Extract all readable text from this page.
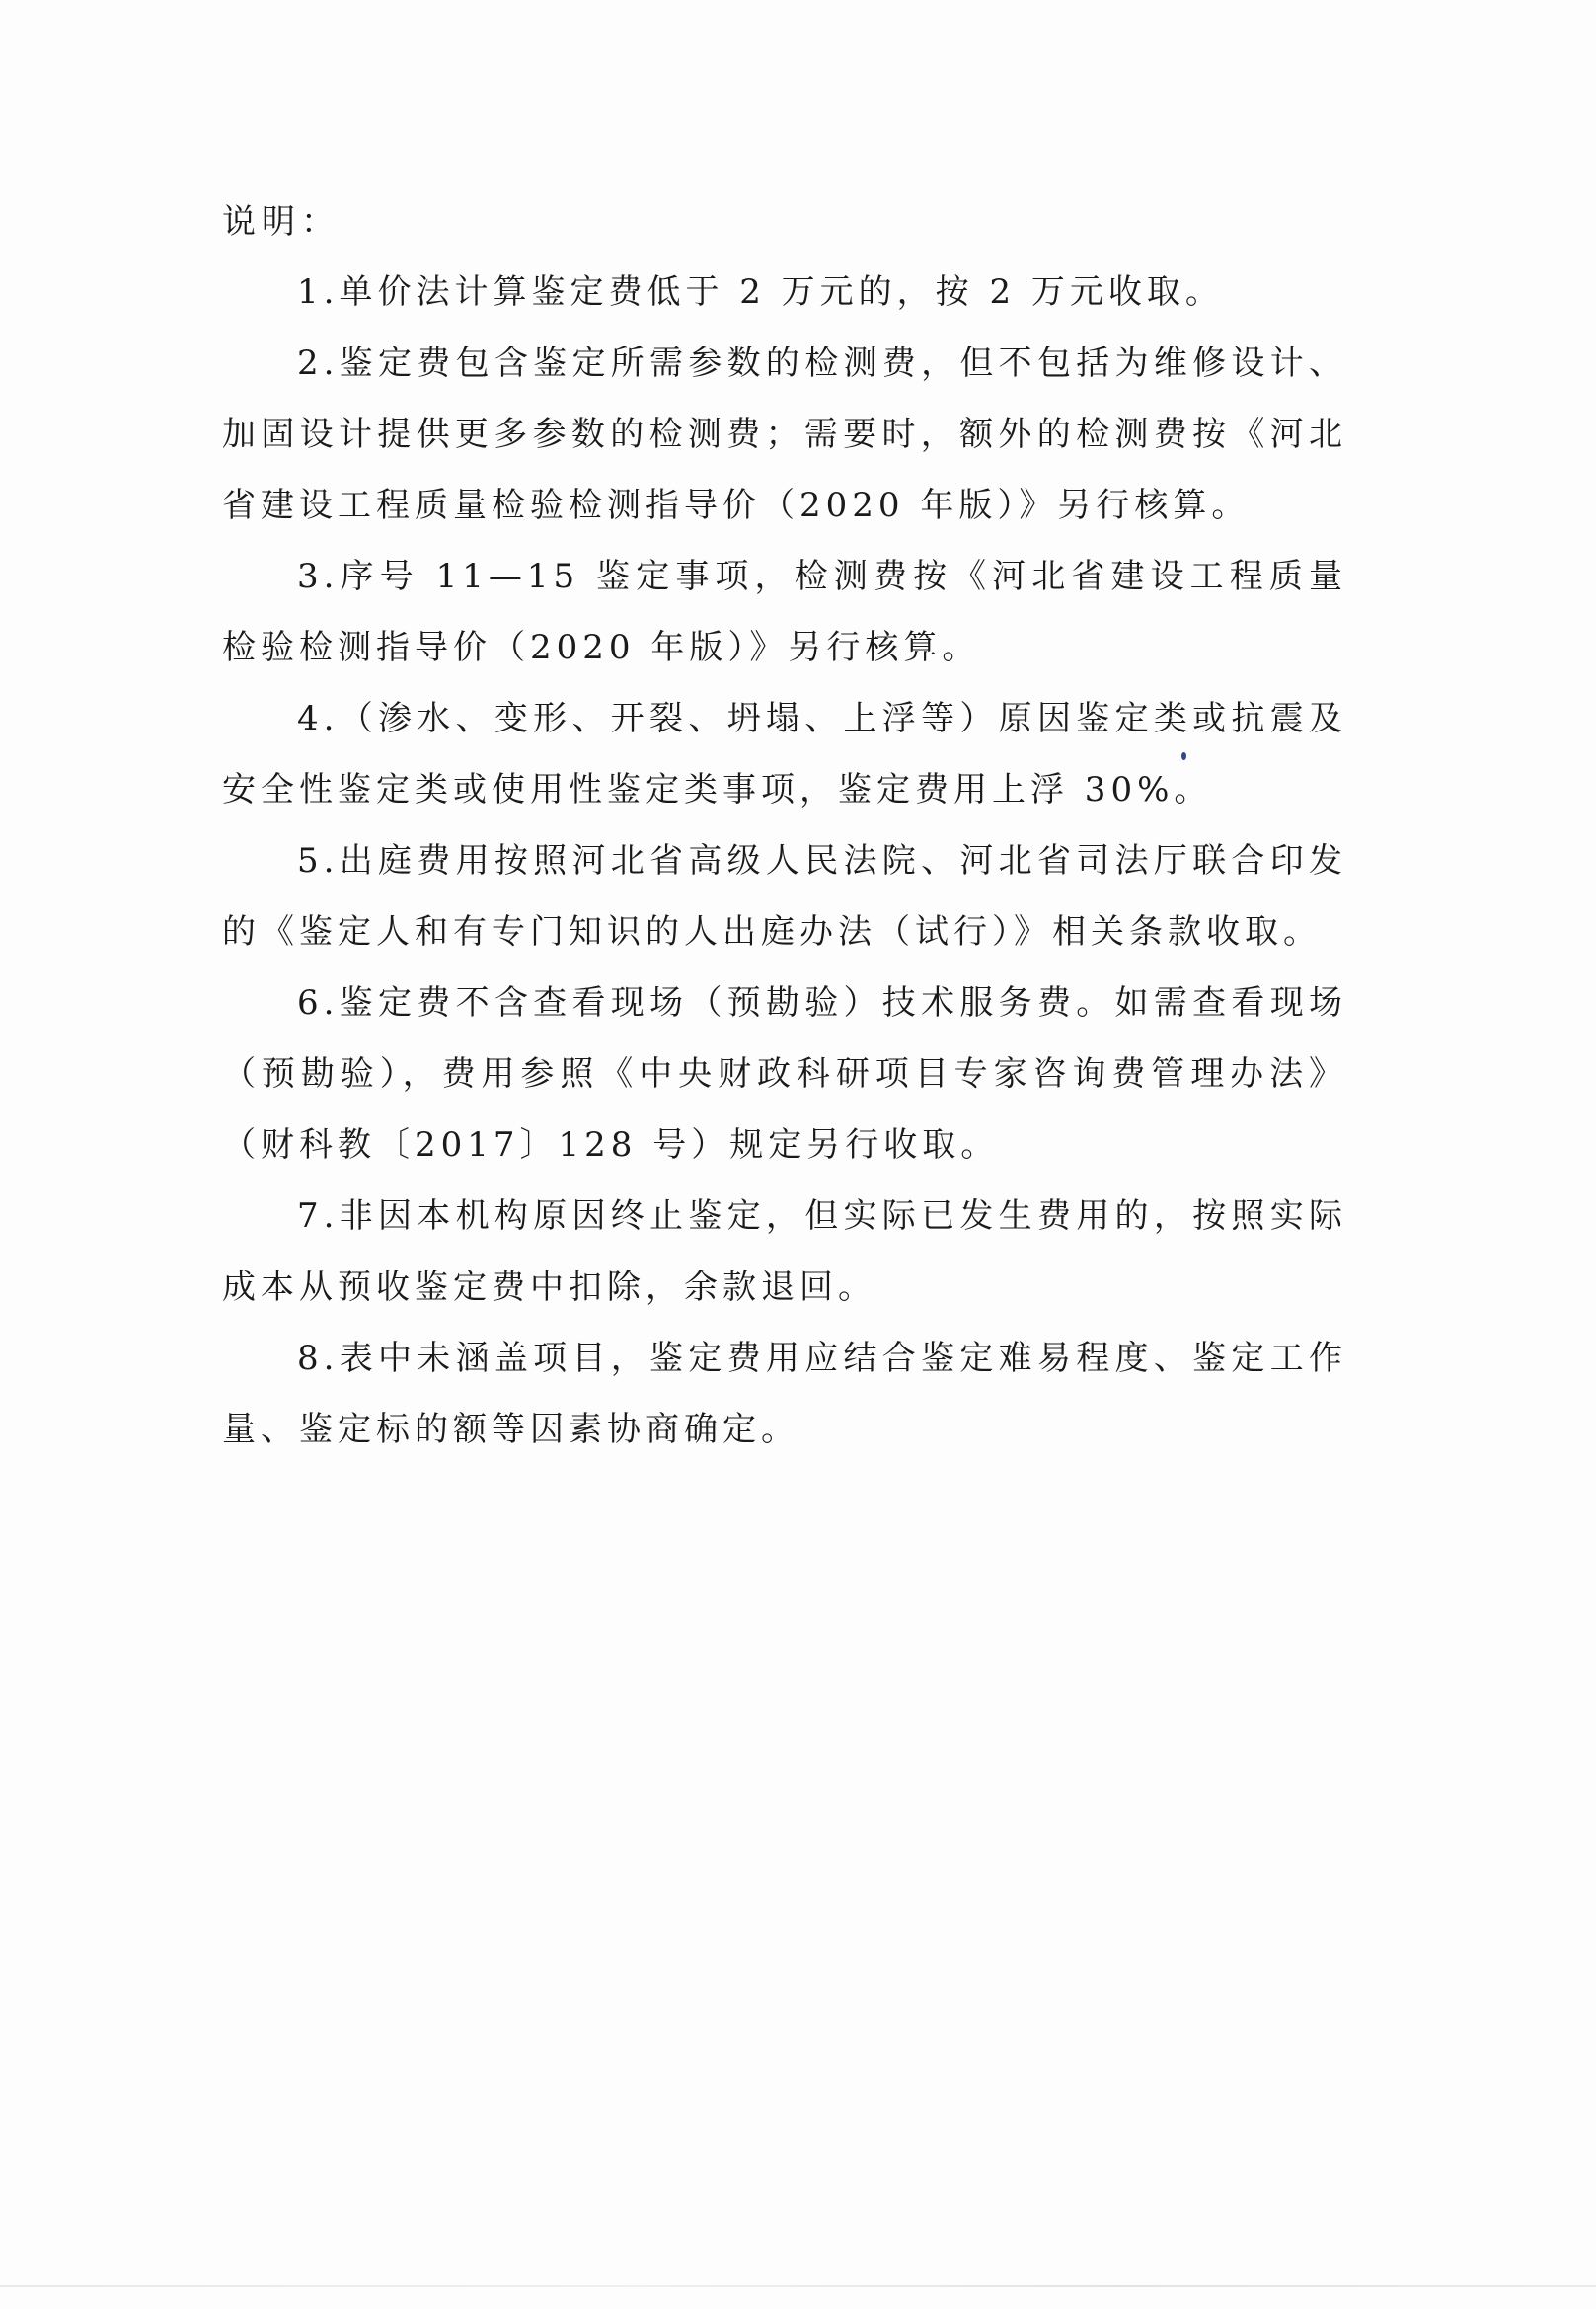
说明：

1.单价法计算鉴定费低于 2 万元的，按 2 万元收取。

2.鉴定费包含鉴定所需参数的检测费，但不包括为维修设计、加固设计提供更多参数的检测费；需要时，额外的检测费按《河北省建设工程质量检验检测指导价（2020 年版）》另行核算。

3.序号 11—15 鉴定事项，检测费按《河北省建设工程质量检验检测指导价（2020 年版）》另行核算。

4.（渗水、变形、开裂、坍塌、上浮等）原因鉴定类或抗震及安全性鉴定类或使用性鉴定类事项，鉴定费用上浮 30%。

5.出庭费用按照河北省高级人民法院、河北省司法厅联合印发的《鉴定人和有专门知识的人出庭办法（试行）》相关条款收取。

6.鉴定费不含查看现场（预勘验）技术服务费。如需查看现场（预勘验），费用参照《中央财政科研项目专家咨询费管理办法》（财科教〔2017〕128 号）规定另行收取。

7.非因本机构原因终止鉴定，但实际已发生费用的，按照实际成本从预收鉴定费中扣除，余款退回。

8.表中未涵盖项目，鉴定费用应结合鉴定难易程度、鉴定工作量、鉴定标的额等因素协商确定。
